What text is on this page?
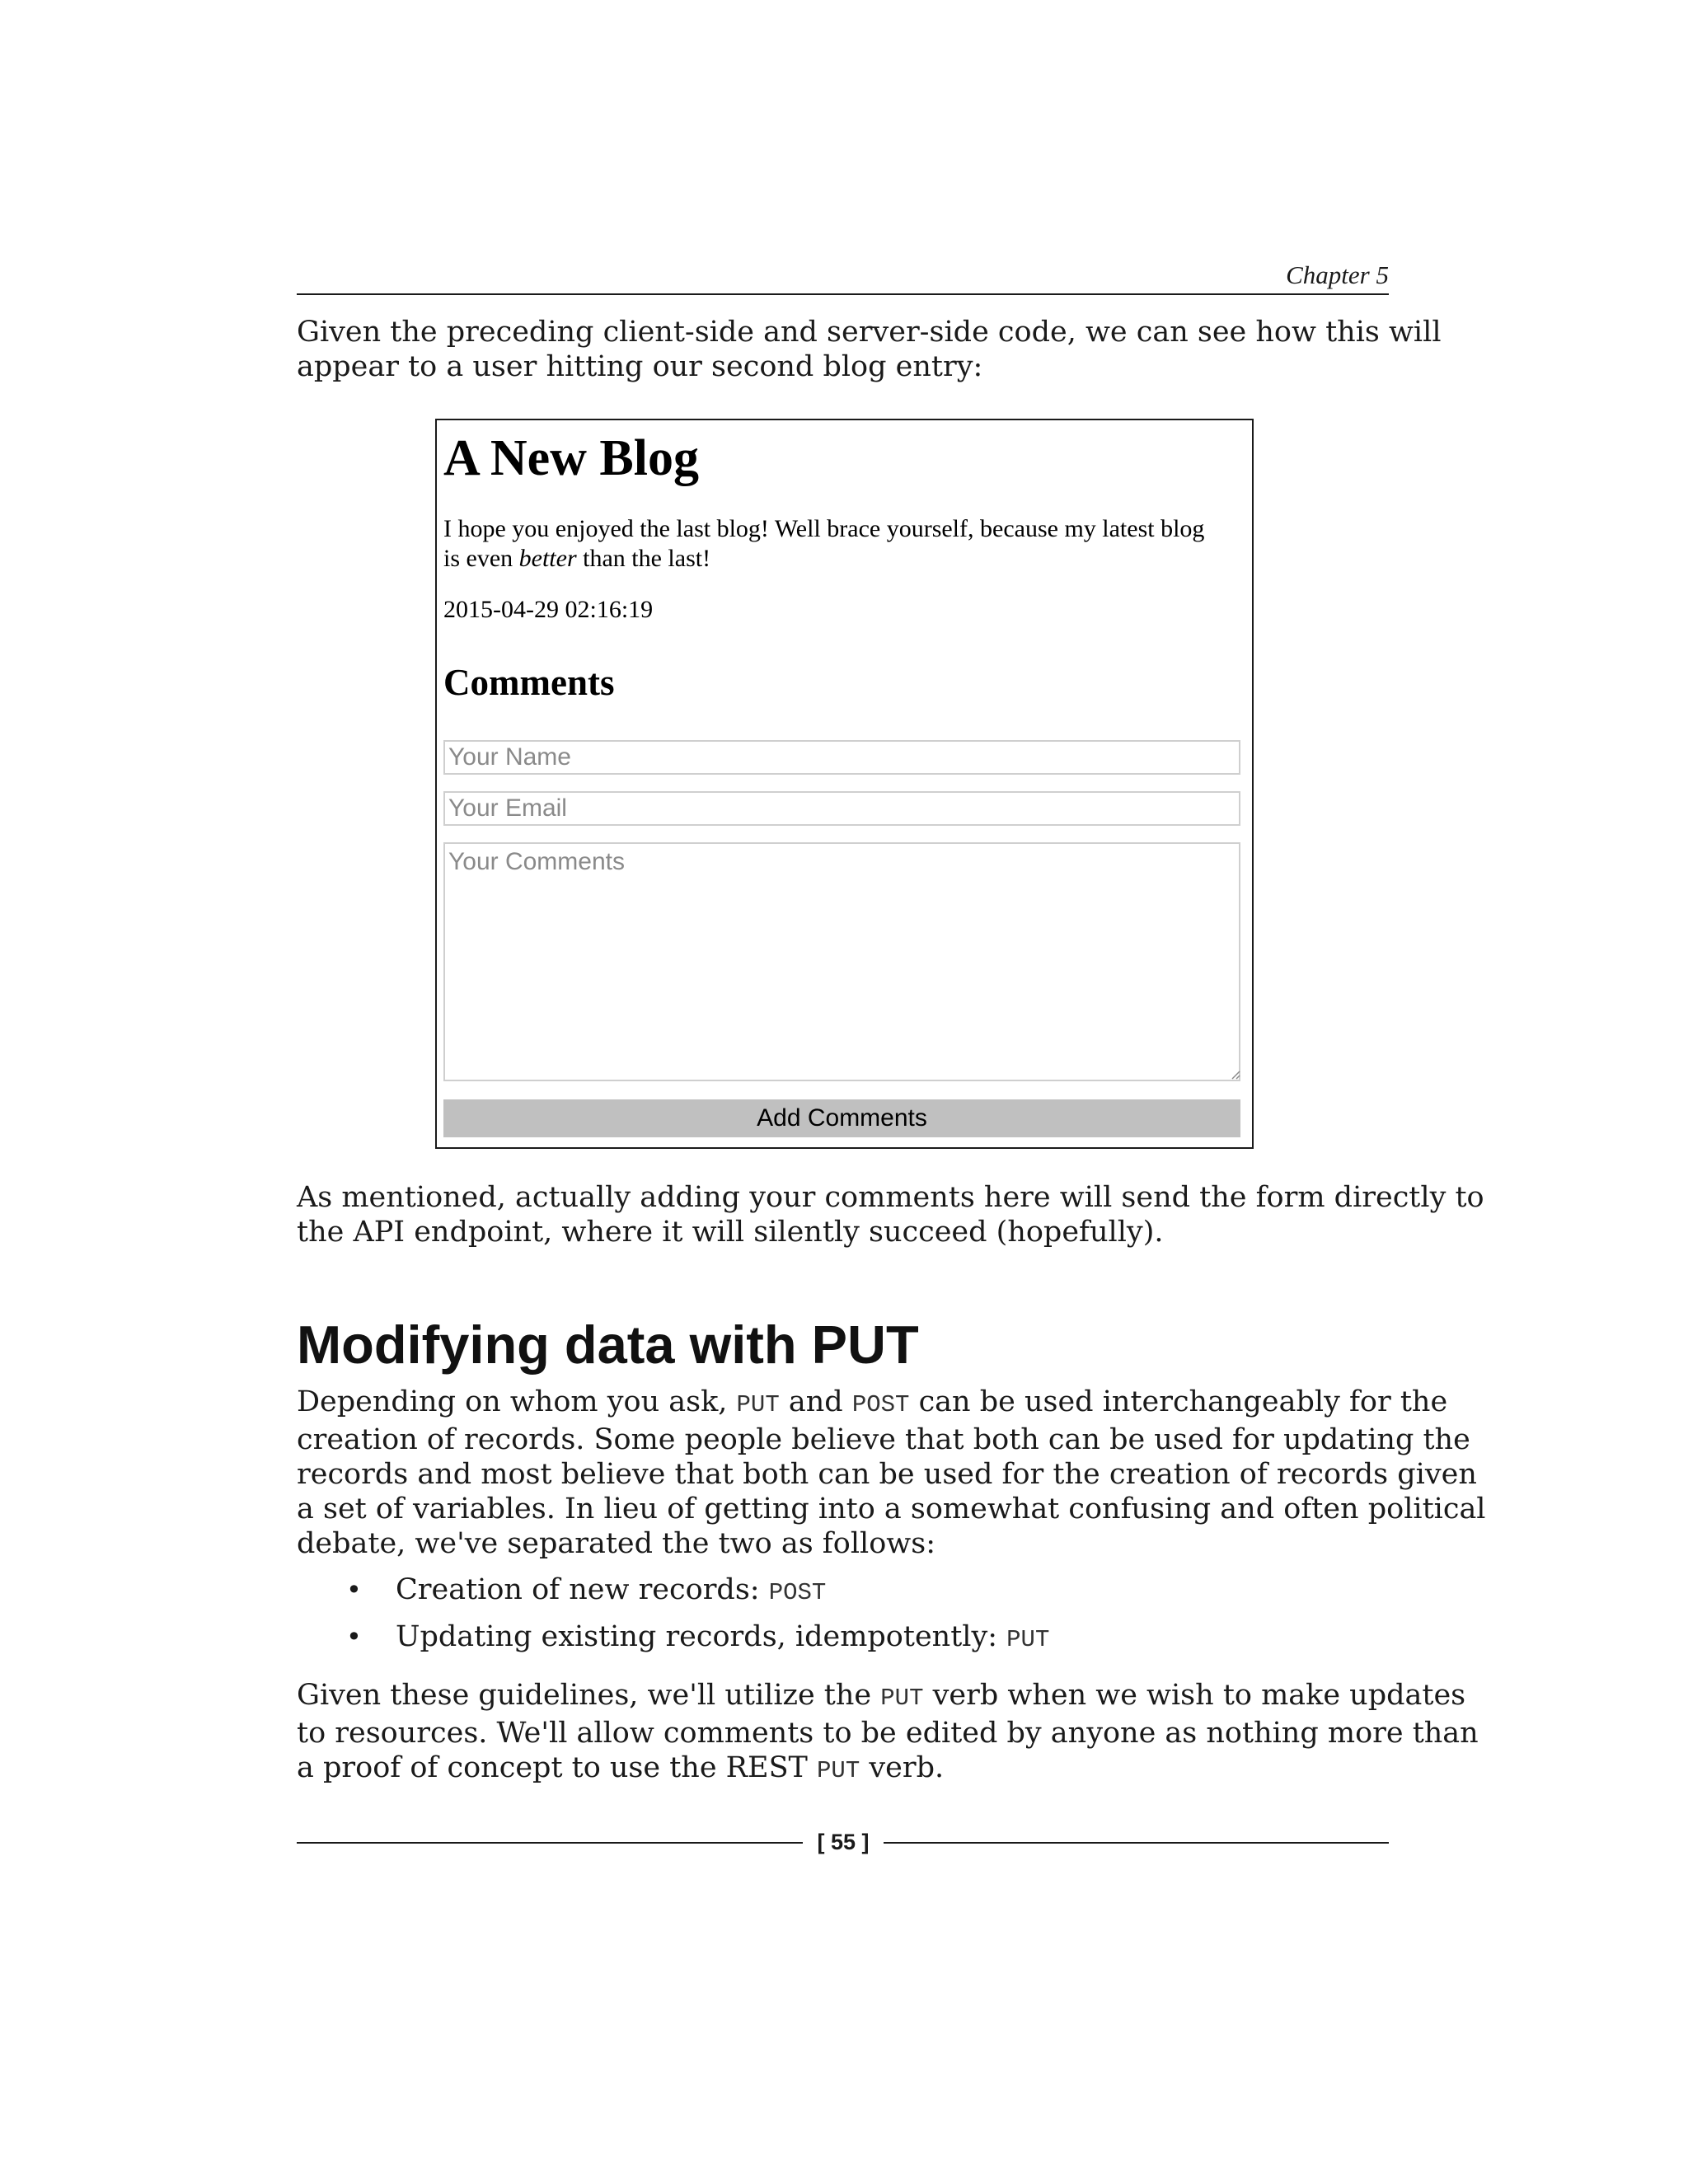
Chapter 5

Given the preceding client-side and server-side code, we can see how this will
appear to a user hitting our second blog entry:

A New Blog

I hope you enjoyed the last blog! Well brace yourself, because my latest blog
is even better than the last!

2015-04-29 02:16:19
Comments
Your Name
Your Email
Your Comments
Add Comments

As mentioned, actually adding your comments here will send the form directly to
the API endpoint, where it will silently succeed (hopefully).

Modifying data with PUT

Depending on whom you ask, PUT and POST can be used interchangeably for the
creation of records. Some people believe that both can be used for updating the
records and most believe that both can be used for the creation of records given
a set of variables. In lieu of getting into a somewhat confusing and often political
debate, we've separated the two as follows:

• Creation of new records: POST
• Updating existing records, idempotently: PUT

Given these guidelines, we'll utilize the PUT verb when we wish to make updates
to resources. We'll allow comments to be edited by anyone as nothing more than
a proof of concept to use the REST PUT verb.

[ 55 ]
